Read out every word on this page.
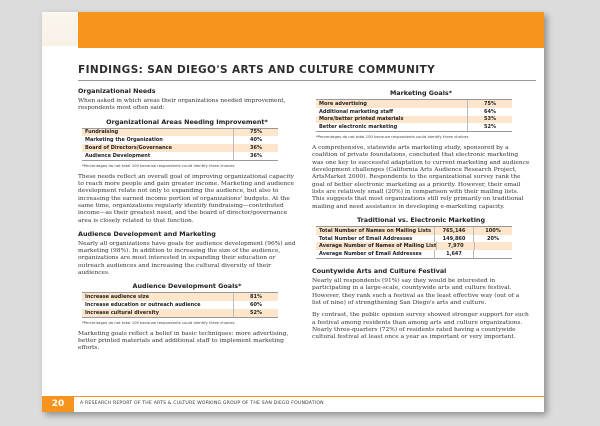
FINDINGS: SAN DIEGO'S ARTS AND CULTURE COMMUNITY
Organizational Needs

When asked in which areas their organizations needed improvement, respondents most often said:

Organizational Areas Needing Improvement*
Fundraising	75%
Marketing the Organization	40%
Board of Directors/Governance	36%
Audience Development	36%
*Percentages do not total 100 because respondents could identify three choices

These needs reflect an overall goal of improving organizational capacity to reach more people and gain greater income. Marketing and audience development relate not only to expanding the audience, but also to increasing the earned income portion of organizations' budgets. At the same time, organizations regularly identify fundraising—contributed income—as their greatest need, and the board of director/governance area is closely related to that function.

Audience Development and Marketing

Nearly all organizations have goals for audience development (96%) and marketing (98%). In addition to increasing the size of the audience, organizations are most interested in expanding their education or outreach audiences and increasing the cultural diversity of their audiences.

Audience Development Goals*
Increase audience size	81%
Increase education or outreach audience	60%
Increase cultural diversity	52%
*Percentages do not total 100 because respondents could identify three choices

Marketing goals reflect a belief in basic techniques: more advertising, better printed materials and additional staff to implement marketing efforts.

Marketing Goals*
More advertising	75%
Additional marketing staff	64%
More/better printed materials	53%
Better electronic marketing	52%
*Percentages do not total 100 because respondents could identify three choices

A comprehensive, statewide arts marketing study, sponsored by a coalition of private foundations, concluded that electronic marketing was one key to successful adaptation to current marketing and audience development challenges (California Arts Audience Research Project, ArtsMarket 2000). Respondents to the organizational survey rank the goal of better electronic marketing as a priority. However, their email lists are relatively small (20%) in comparison with their mailing lists. This suggests that most organizations still rely primarily on traditional mailing and need assistance in developing e-marketing capacity.

Traditional vs. Electronic Marketing
Total Number of Names on Mailing Lists	765,146	100%
Total Number of Email Addresses	149,860	20%
Average Number of Names of Mailing List	7,970
Average Number of Email Addresses	1,647
Countywide Arts and Culture Festival

Nearly all respondents (91%) say they would be interested in participating in a large-scale, countywide arts and culture festival. However, they rank such a festival as the least effective way (out of a list of nine) of strengthening San Diego's arts and culture.

By contrast, the public opinion survey showed stronger support for such a festival among residents than among arts and culture organizations. Nearly three-quarters (72%) of residents rated having a countywide cultural festival at least once a year as important or very important.

20	A RESEARCH REPORT OF THE ARTS & CULTURE WORKING GROUP OF THE SAN DIEGO FOUNDATION
